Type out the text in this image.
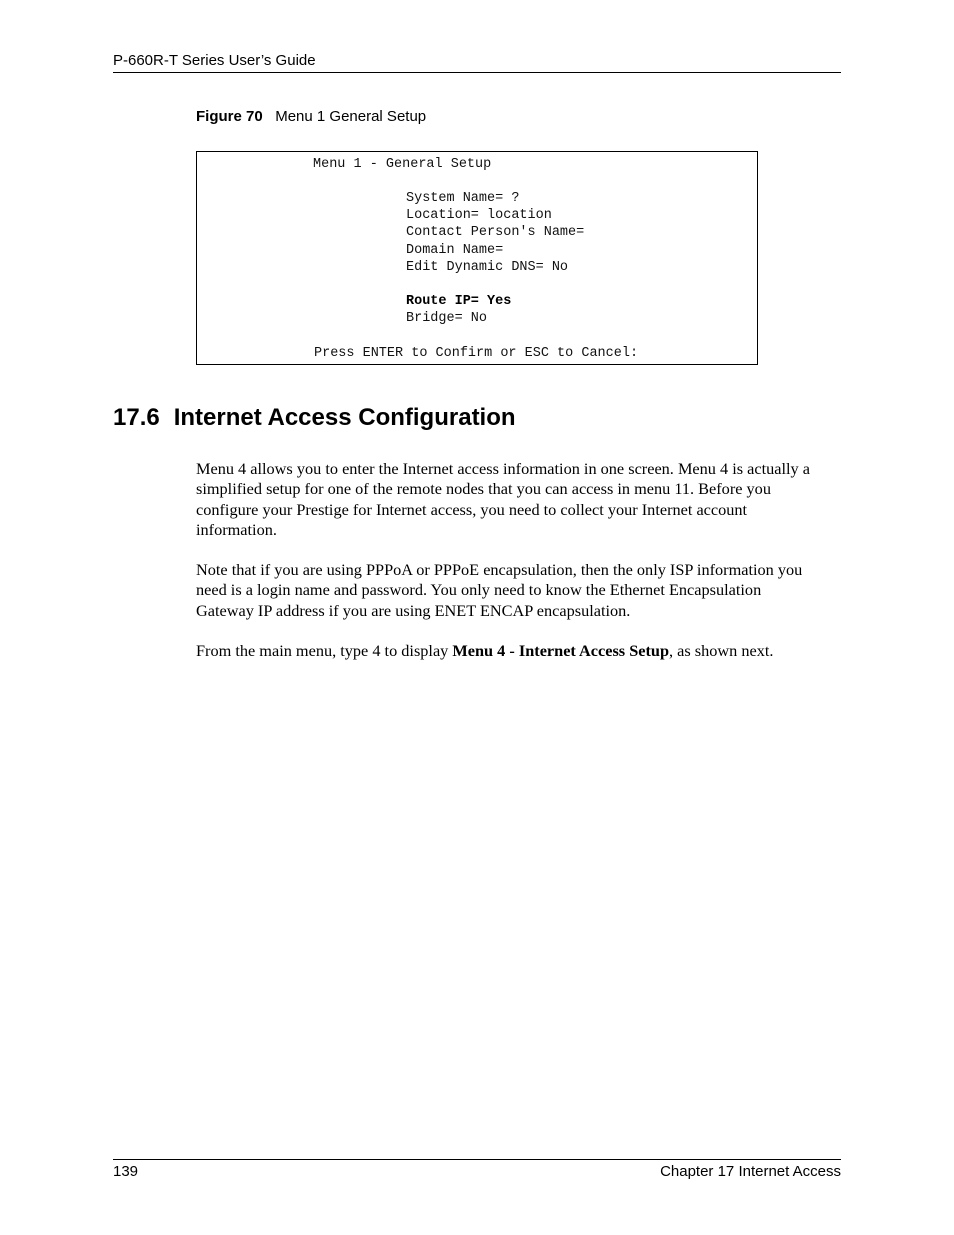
P-660R-T Series User’s Guide
Figure 70 Menu 1 General Setup
Menu 1 - General Setup
System Name= ?
Location= location
Contact Person's Name=
Domain Name=
Edit Dynamic DNS= No
Route IP= Yes
Bridge= No
Press ENTER to Confirm or ESC to Cancel:
17.6 Internet Access Configuration
Menu 4 allows you to enter the Internet access information in one screen. Menu 4 is actually a
simplified setup for one of the remote nodes that you can access in menu 11. Before you
configure your Prestige for Internet access, you need to collect your Internet account
information.
Note that if you are using PPPoA or PPPoE encapsulation, then the only ISP information you
need is a login name and password. You only need to know the Ethernet Encapsulation
Gateway IP address if you are using ENET ENCAP encapsulation.
From the main menu, type 4 to display Menu 4 - Internet Access Setup, as shown next.
139	Chapter 17 Internet Access
